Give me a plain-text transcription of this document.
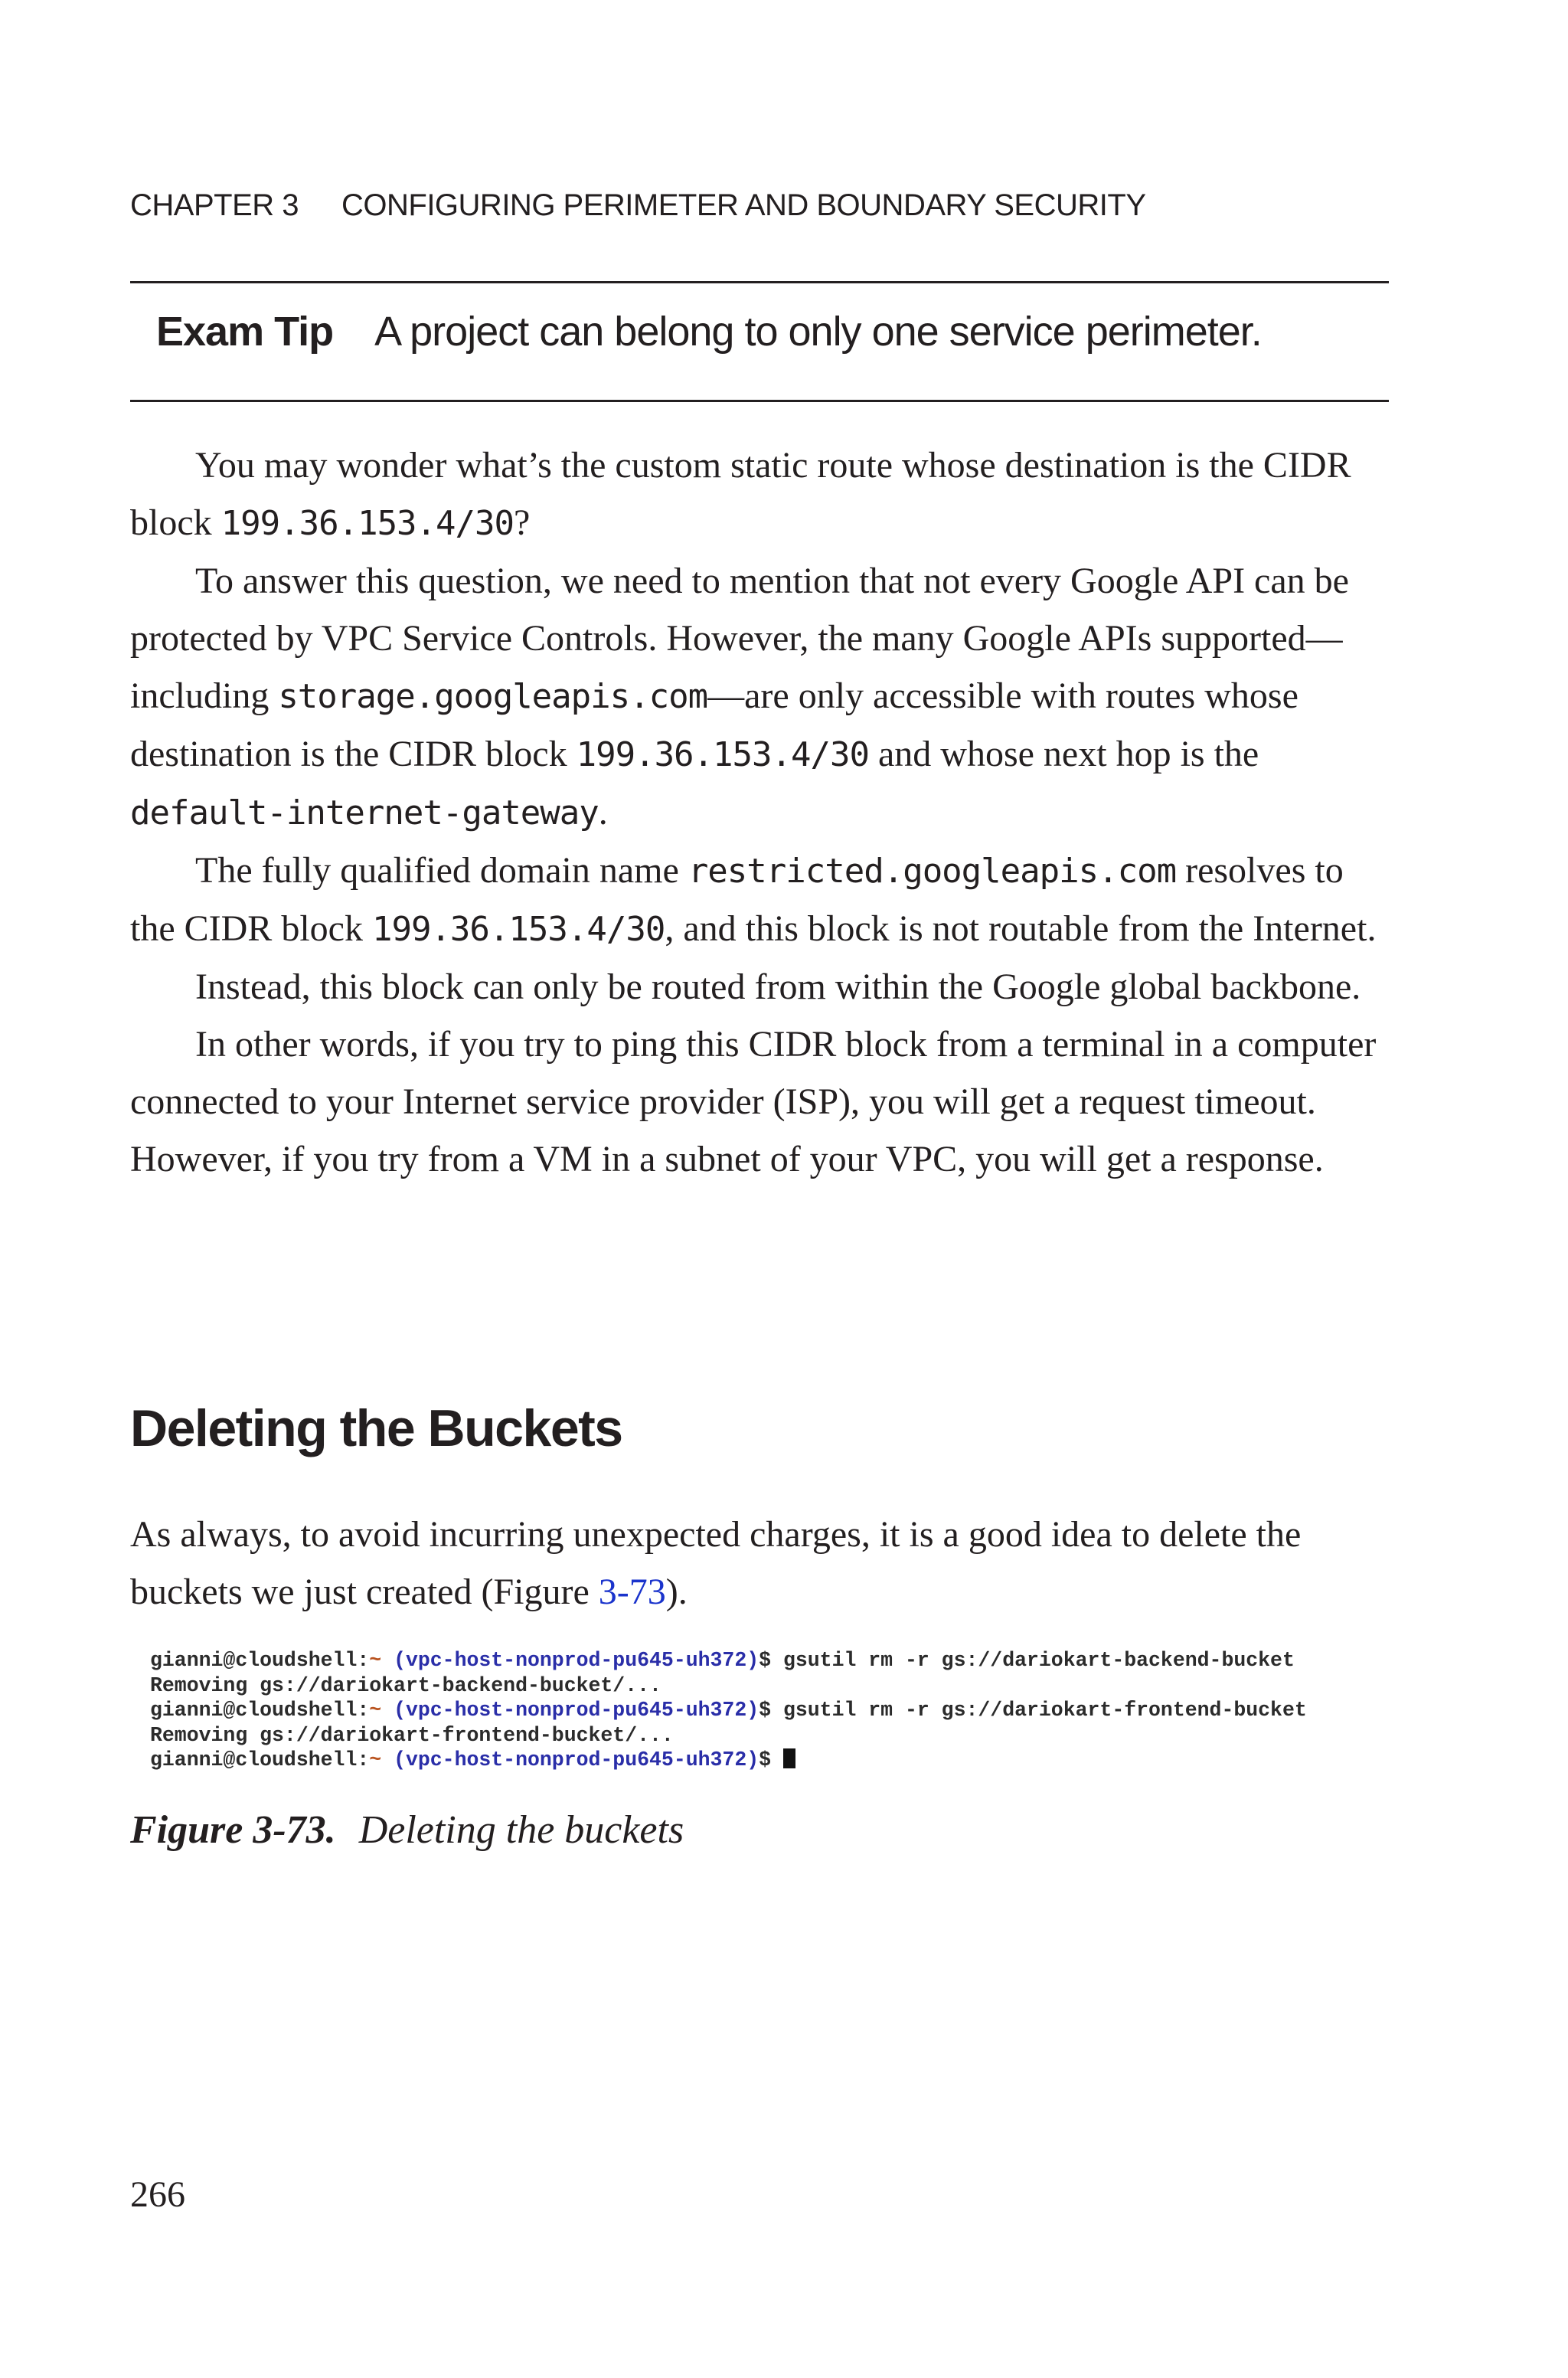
CHAPTER 3 CONFIGURING PERIMETER AND BOUNDARY SECURITY
Exam Tip A project can belong to only one service perimeter.

You may wonder what’s the custom static route whose destination is the CIDR block 199.36.153.4/30?

To answer this question, we need to mention that not every Google API can be protected by VPC Service Controls. However, the many Google APIs supported—including storage.googleapis.com—are only accessible with routes whose destination is the CIDR block 199.36.153.4/30 and whose next hop is the default-internet-gateway.

The fully qualified domain name restricted.googleapis.com resolves to the CIDR block 199.36.153.4/30, and this block is not routable from the Internet.

Instead, this block can only be routed from within the Google global backbone.

In other words, if you try to ping this CIDR block from a terminal in a computer connected to your Internet service provider (ISP), you will get a request timeout. However, if you try from a VM in a subnet of your VPC, you will get a response.

Deleting the Buckets

As always, to avoid incurring unexpected charges, it is a good idea to delete the buckets we just created (Figure 3-73).

gianni@cloudshell:~ (vpc-host-nonprod-pu645-uh372)$ gsutil rm -r gs://dariokart-backend-bucket
Removing gs://dariokart-backend-bucket/...
gianni@cloudshell:~ (vpc-host-nonprod-pu645-uh372)$ gsutil rm -r gs://dariokart-frontend-bucket
Removing gs://dariokart-frontend-bucket/...
gianni@cloudshell:~ (vpc-host-nonprod-pu645-uh372)$
Figure 3-73. Deleting the buckets
266
